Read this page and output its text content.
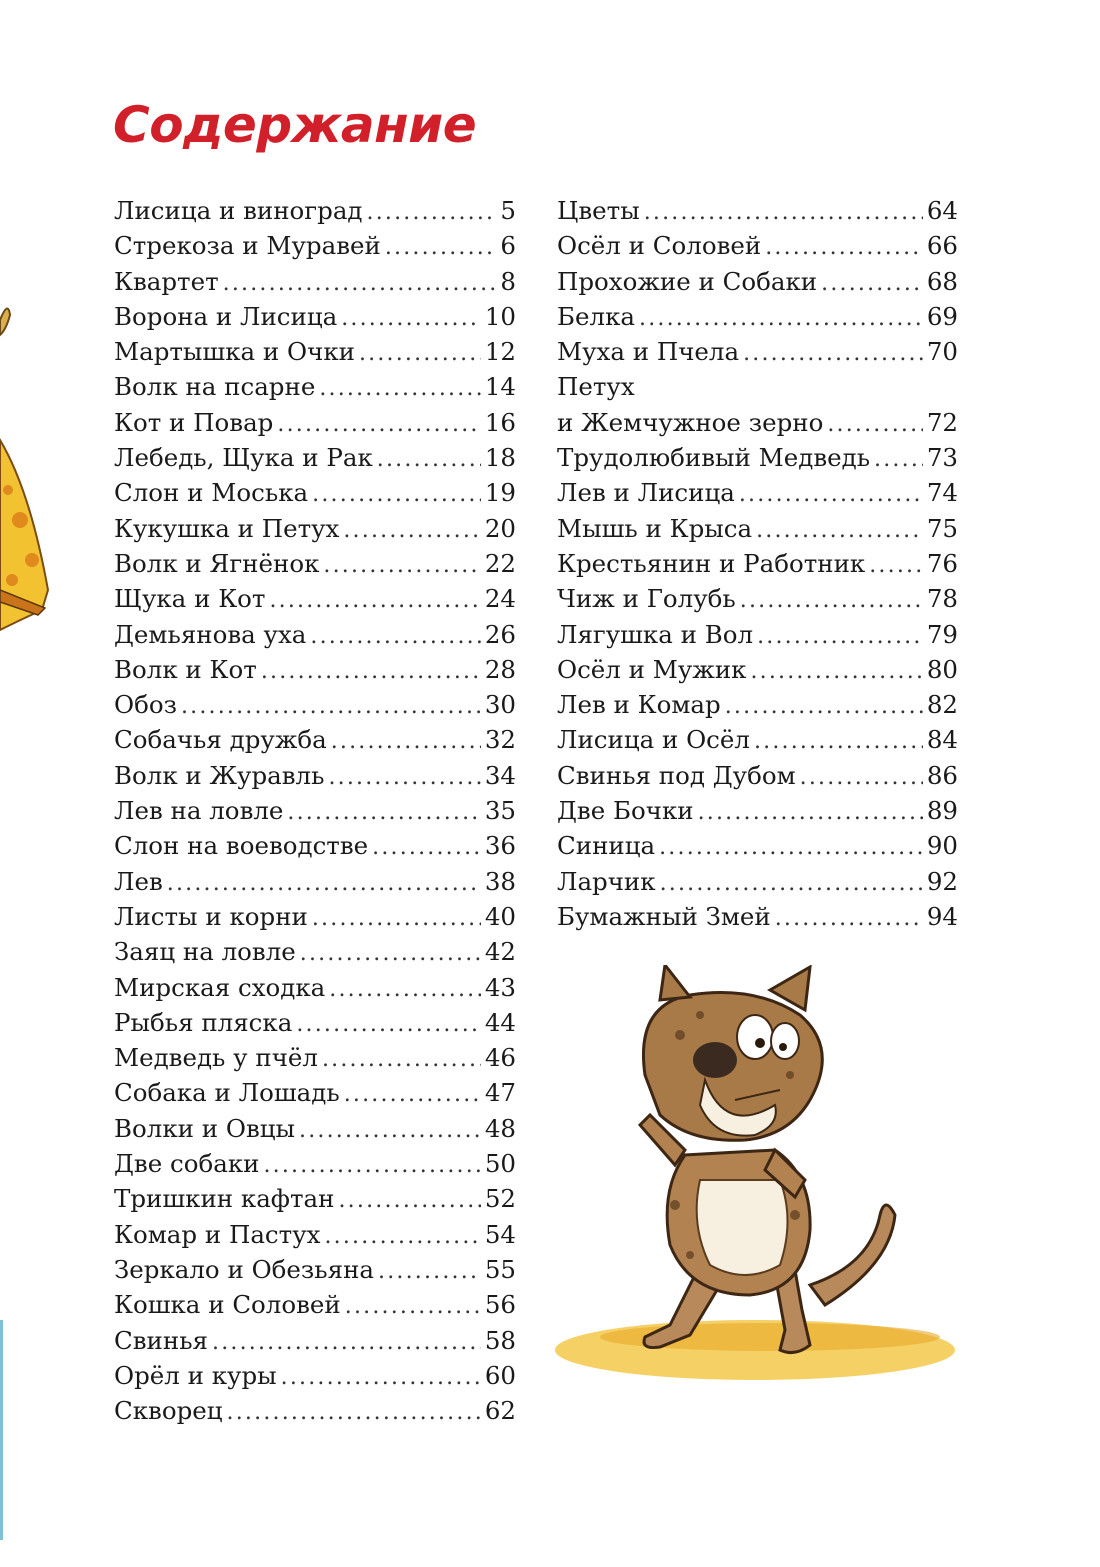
Содержание
Лисица и виноград .....	5
Стрекоза и Муравей .....	6
Квартет .....	8
Ворона и Лисица .....	10
Мартышка и Очки .....	12
Волк на псарне .....	14
Кот и Повар .....	16
Лебедь, Щука и Рак .....	18
Слон и Моська .....	19
Кукушка и Петух .....	20
Волк и Ягнёнок .....	22
Щука и Кот .....	24
Демьянова уха .....	26
Волк и Кот .....	28
Обоз .....	30
Собачья дружба .....	32
Волк и Журавль .....	34
Лев на ловле .....	35
Слон на воеводстве .....	36
Лев .....	38
Листы и корни .....	40
Заяц на ловле .....	42
Мирская сходка .....	43
Рыбья пляска .....	44
Медведь у пчёл .....	46
Собака и Лошадь .....	47
Волки и Овцы .....	48
Две собаки .....	50
Тришкин кафтан .....	52
Комар и Пастух .....	54
Зеркало и Обезьяна .....	55
Кошка и Соловей .....	56
Свинья .....	58
Орёл и куры .....	60
Скворец .....	62
Цветы .....	64
Осёл и Соловей .....	66
Прохожие и Собаки .....	68
Белка .....	69
Муха и Пчела .....	70
Петух
и Жемчужное зерно .....	72
Трудолюбивый Медведь ..... 73
Лев и Лисица .....	74
Мышь и Крыса .....	75
Крестьянин и Работник .....	76
Чиж и Голубь .....	78
Лягушка и Вол .....	79
Осёл и Мужик .....	80
Лев и Комар .....	82
Лисица и Осёл .....	84
Свинья под Дубом .....	86
Две Бочки .....	89
Синица .....	90
Ларчик .....	92
Бумажный Змей .....	94
